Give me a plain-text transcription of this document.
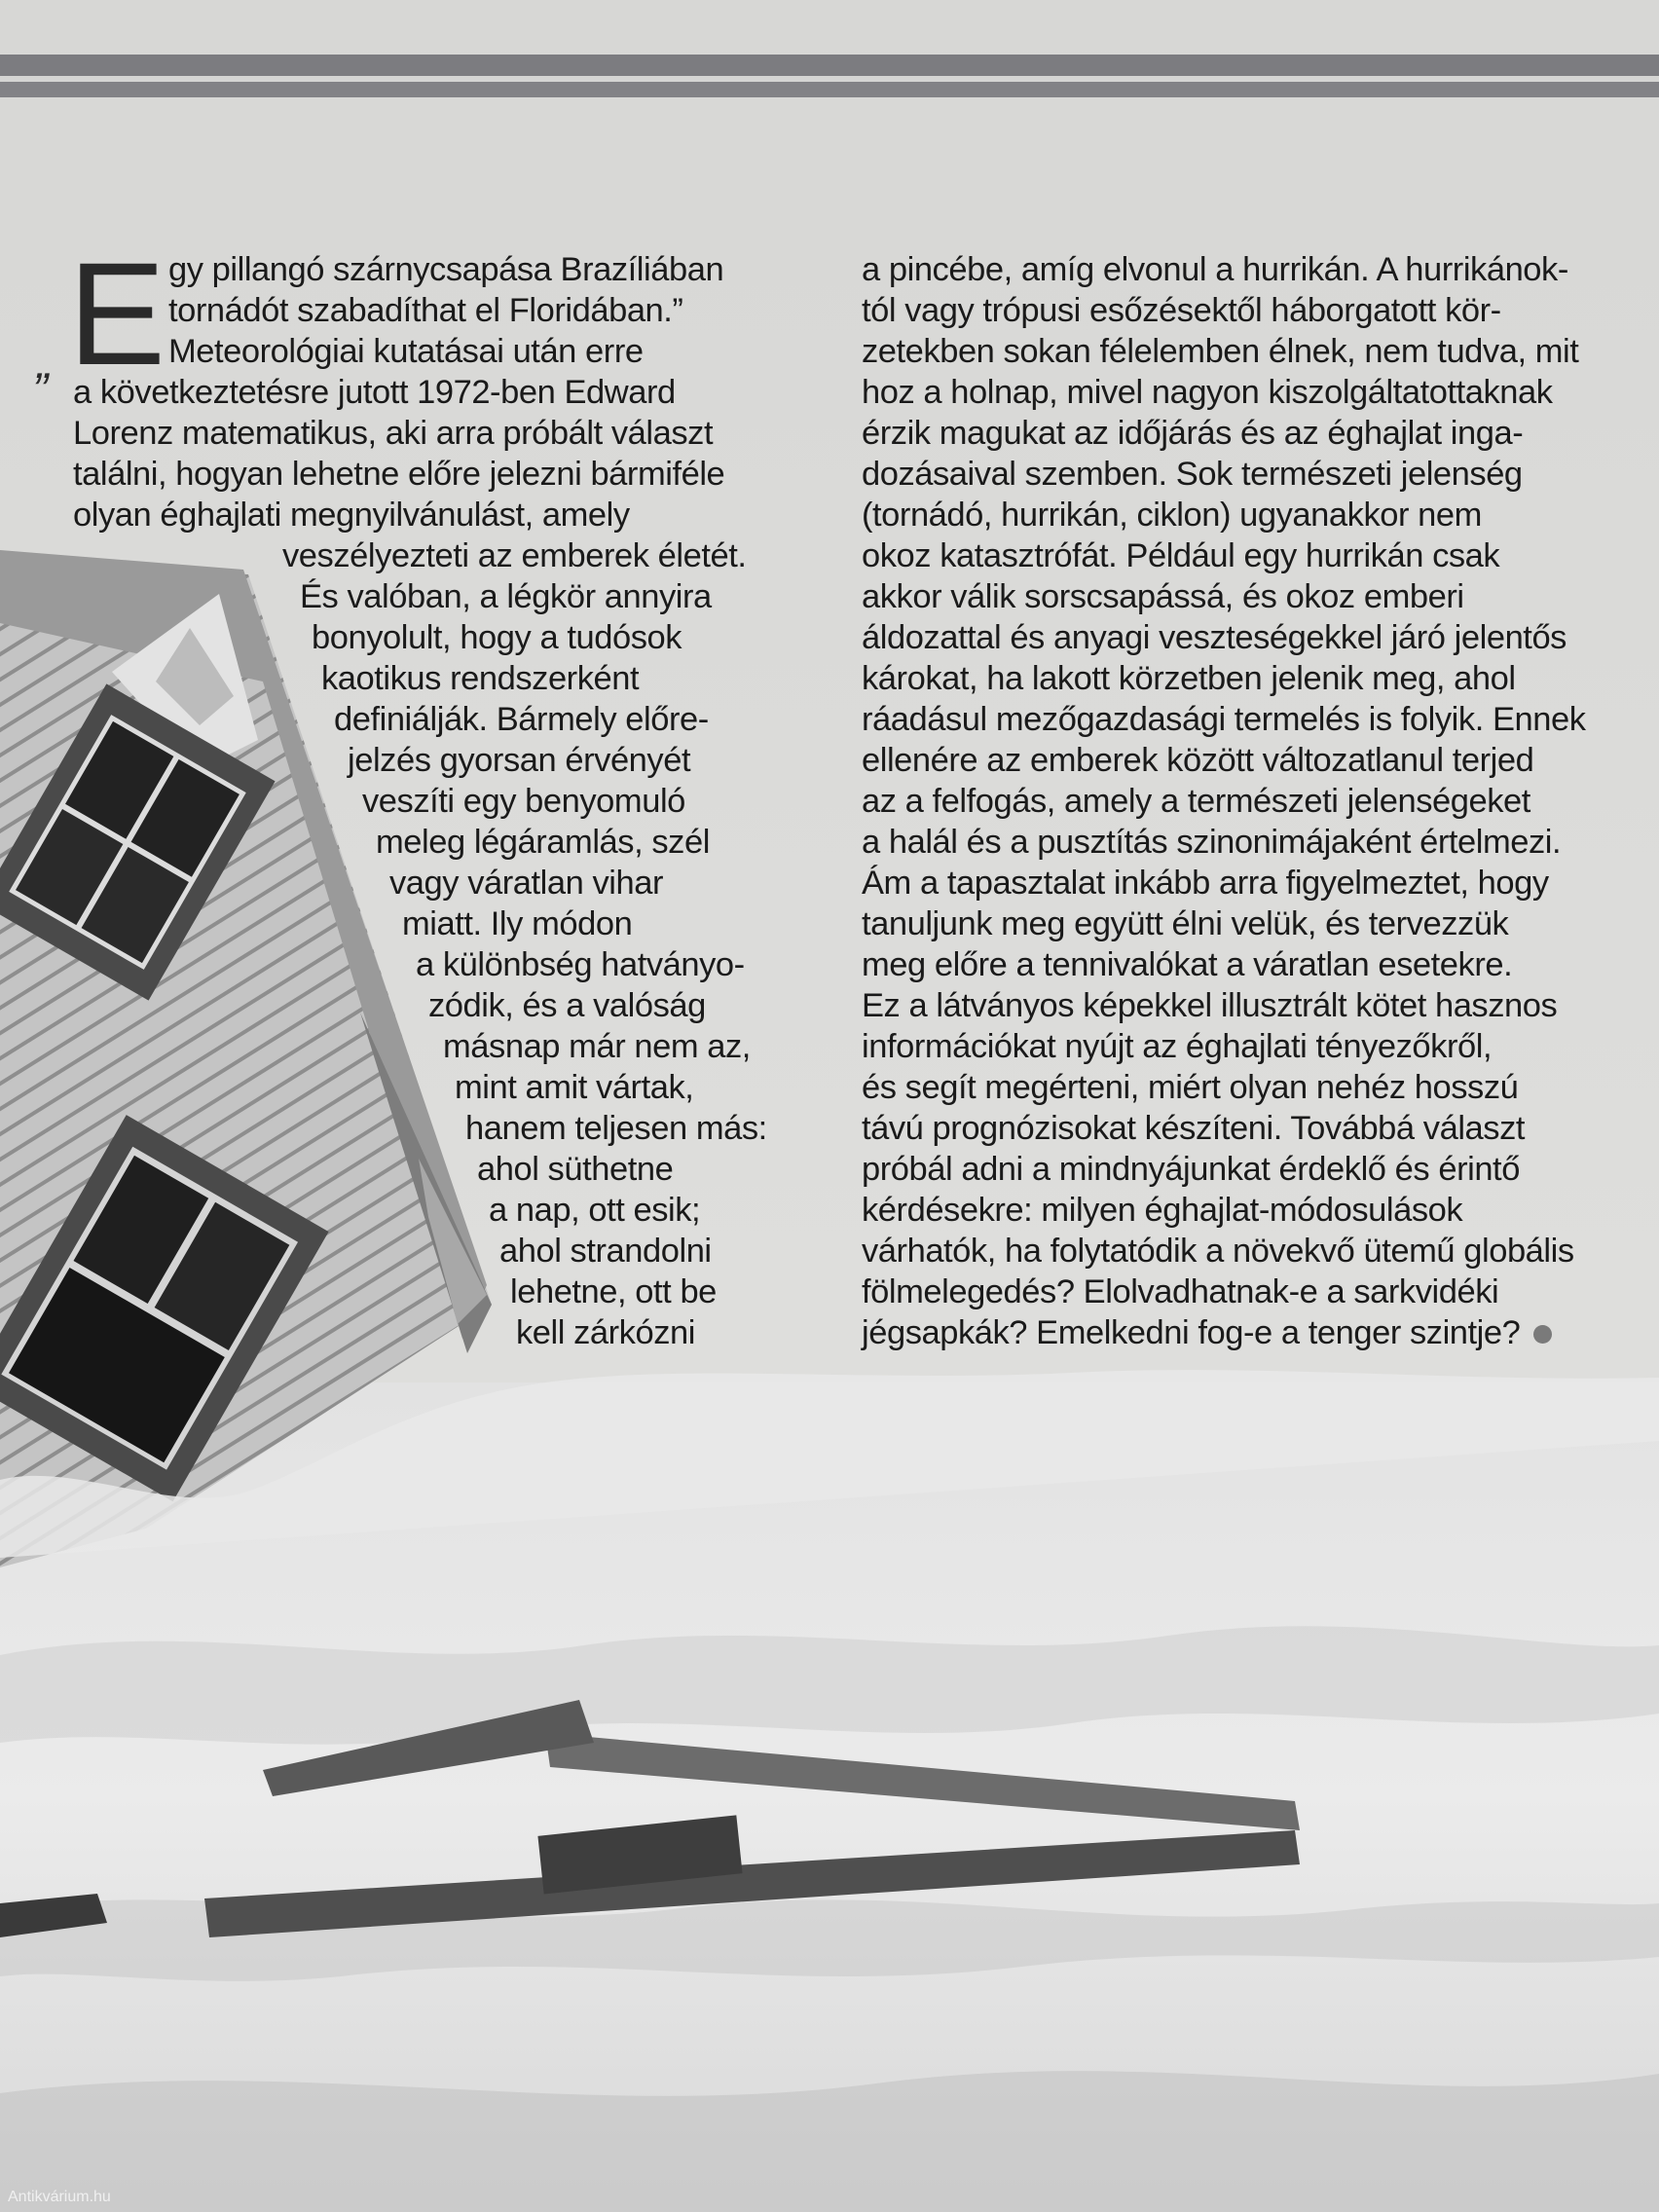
„ E gy pillangó szárnycsapása Brazíliában
tornádót szabadíthat el Floridában.”
Meteorológiai kutatásai után erre
a következtetésre jutott 1972-ben Edward
Lorenz matematikus, aki arra próbált választ
találni, hogyan lehetne előre jelezni bármiféle
olyan éghajlati megnyilvánulást, amely
veszélyezteti az emberek életét.
És valóban, a légkör annyira
bonyolult, hogy a tudósok
kaotikus rendszerként
definiálják. Bármely előre-
jelzés gyorsan érvényét
veszíti egy benyomuló
meleg légáramlás, szél
vagy váratlan vihar
miatt. Ily módon
a különbség hatványo-
zódik, és a valóság
másnap már nem az,
mint amit vártak,
hanem teljesen más:
ahol süthetne
a nap, ott esik;
ahol strandolni
lehetne, ott be
kell zárkózni
a pincébe, amíg elvonul a hurrikán. A hurrikánok-
tól vagy trópusi esőzésektől háborgatott kör-
zetekben sokan félelemben élnek, nem tudva, mit
hoz a holnap, mivel nagyon kiszolgáltatottaknak
érzik magukat az időjárás és az éghajlat inga-
dozásaival szemben. Sok természeti jelenség
(tornádó, hurrikán, ciklon) ugyanakkor nem
okoz katasztrófát. Például egy hurrikán csak
akkor válik sorscsapássá, és okoz emberi
áldozattal és anyagi veszteségekkel járó jelentős
károkat, ha lakott körzetben jelenik meg, ahol
ráadásul mezőgazdasági termelés is folyik. Ennek
ellenére az emberek között változatlanul terjed
az a felfogás, amely a természeti jelenségeket
a halál és a pusztítás szinonimájaként értelmezi.
Ám a tapasztalat inkább arra figyelmeztet, hogy
tanuljunk meg együtt élni velük, és tervezzük
meg előre a tennivalókat a váratlan esetekre.
Ez a látványos képekkel illusztrált kötet hasznos
információkat nyújt az éghajlati tényezőkről,
és segít megérteni, miért olyan nehéz hosszú
távú prognózisokat készíteni. Továbbá választ
próbál adni a mindnyájunkat érdeklő és érintő
kérdésekre: milyen éghajlat-módosulások
várhatók, ha folytatódik a növekvő ütemű globális
fölmelegedés? Elolvadhatnak-e a sarkvidéki
jégsapkák? Emelkedni fog-e a tenger szintje?
Antikvárium.hu
